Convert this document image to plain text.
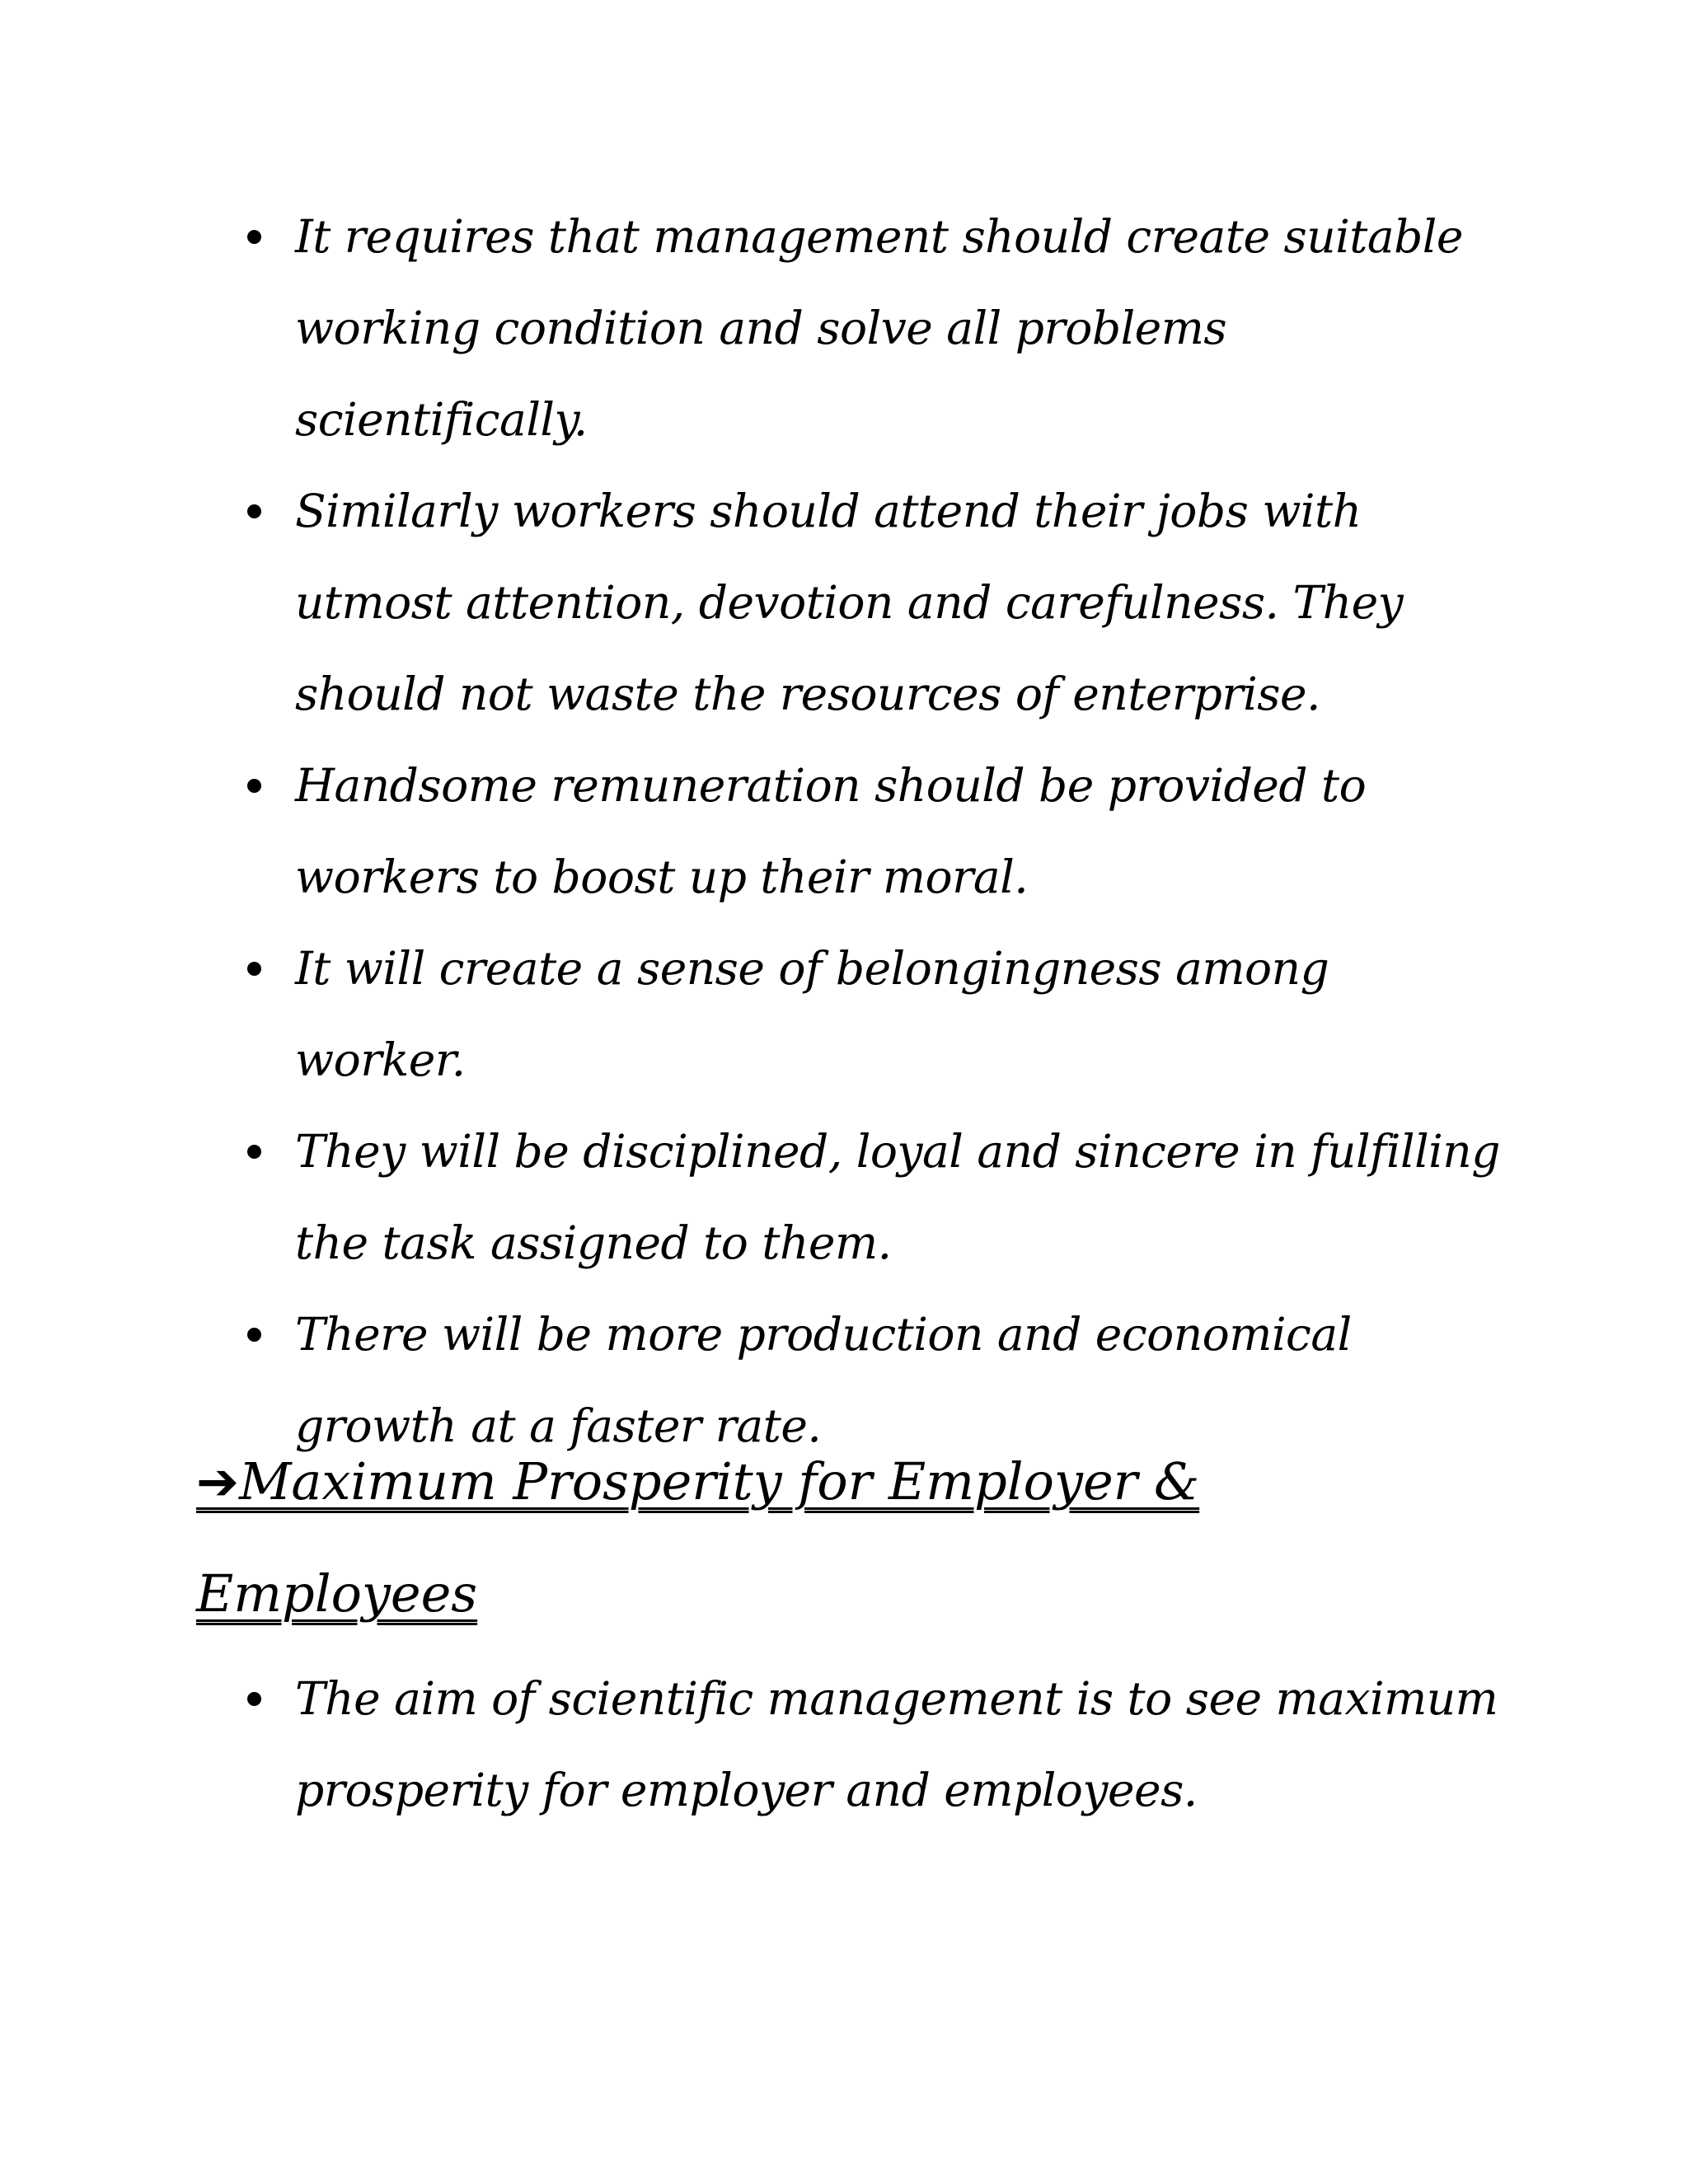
It requires that management should create suitable working condition and solve all problems scientifically.
Similarly workers should attend their jobs with utmost attention, devotion and carefulness. They should not waste the resources of enterprise.
Handsome remuneration should be provided to workers to boost up their moral.
It will create a sense of belongingness among worker.
They will be disciplined, loyal and sincere in fulfilling the task assigned to them.
There will be more production and economical growth at a faster rate.
➔Maximum Prosperity for Employer & Employees
The aim of scientific management is to see maximum prosperity for employer and employees.
